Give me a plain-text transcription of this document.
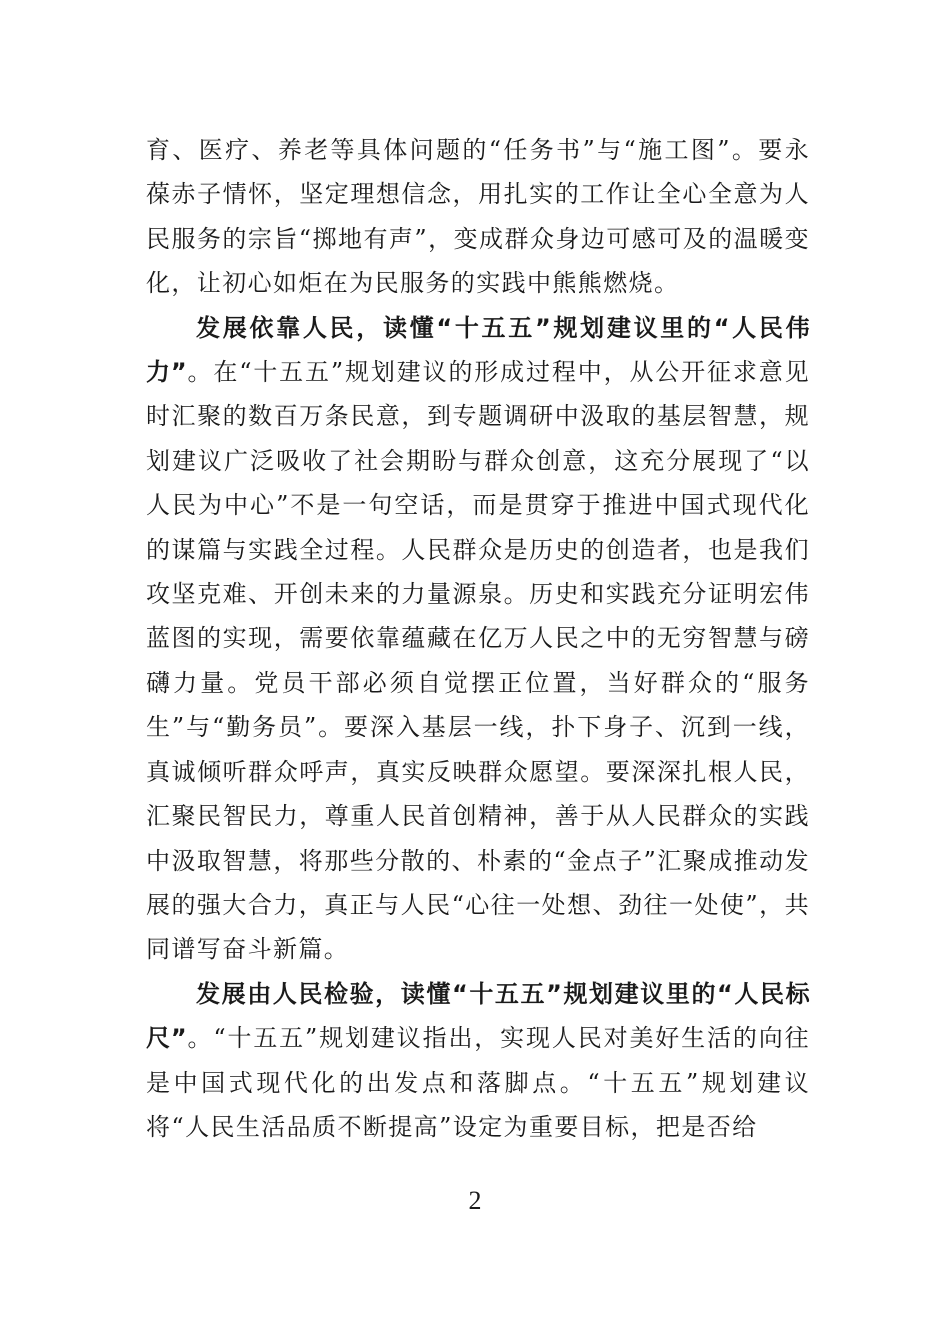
育、医疗、养老等具体问题的“任务书”与“施工图”。要永葆赤子情怀，坚定理想信念，用扎实的工作让全心全意为人民服务的宗旨“掷地有声”，变成群众身边可感可及的温暖变化，让初心如炬在为民服务的实践中熊熊燃烧。

发展依靠人民，读懂“十五五”规划建议里的“人民伟力”。在“十五五”规划建议的形成过程中，从公开征求意见时汇聚的数百万条民意，到专题调研中汲取的基层智慧，规划建议广泛吸收了社会期盼与群众创意，这充分展现了“以人民为中心”不是一句空话，而是贯穿于推进中国式现代化的谋篇与实践全过程。人民群众是历史的创造者，也是我们攻坚克难、开创未来的力量源泉。历史和实践充分证明宏伟蓝图的实现，需要依靠蕴藏在亿万人民之中的无穷智慧与磅礴力量。党员干部必须自觉摆正位置，当好群众的“服务生”与“勤务员”。要深入基层一线，扑下身子、沉到一线，真诚倾听群众呼声，真实反映群众愿望。要深深扎根人民，汇聚民智民力，尊重人民首创精神，善于从人民群众的实践中汲取智慧，将那些分散的、朴素的“金点子”汇聚成推动发展的强大合力，真正与人民“心往一处想、劲往一处使”，共同谱写奋斗新篇。

发展由人民检验，读懂“十五五”规划建议里的“人民标尺”。“十五五”规划建议指出，实现人民对美好生活的向往是中国式现代化的出发点和落脚点。“十五五”规划建议将“人民生活品质不断提高”设定为重要目标，把是否给

2
